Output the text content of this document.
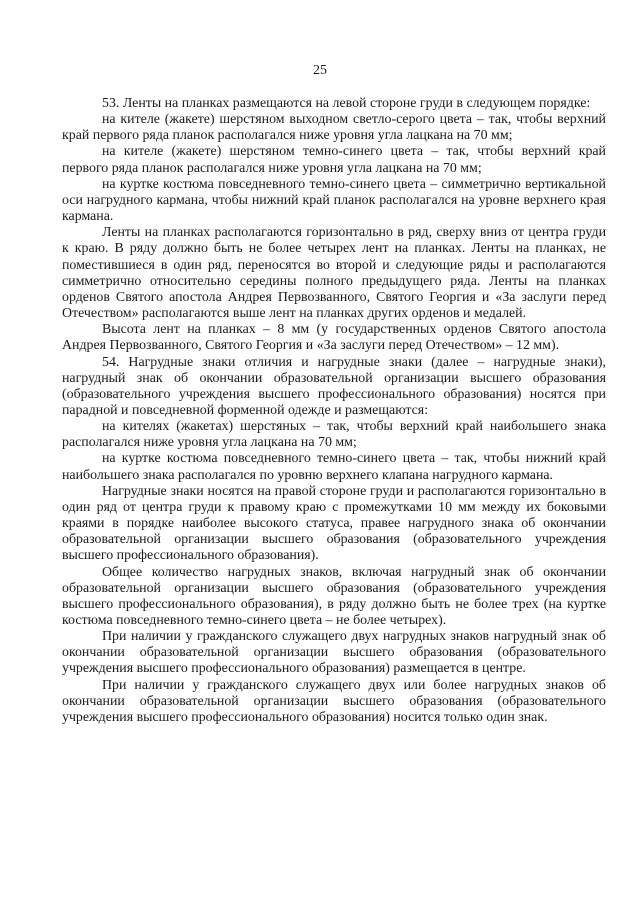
25

53. Ленты на планках размещаются на левой стороне груди в следующем порядке:

на кителе (жакете) шерстяном выходном светло-серого цвета – так, чтобы верхний край первого ряда планок располагался ниже уровня угла лацкана на 70 мм;

на кителе (жакете) шерстяном темно-синего цвета – так, чтобы верхний край первого ряда планок располагался ниже уровня угла лацкана на 70 мм;

на куртке костюма повседневного темно-синего цвета – симметрично вертикальной оси нагрудного кармана, чтобы нижний край планок располагался на уровне верхнего края кармана.

Ленты на планках располагаются горизонтально в ряд, сверху вниз от центра груди к краю. В ряду должно быть не более четырех лент на планках. Ленты на планках, не поместившиеся в один ряд, переносятся во второй и следующие ряды и располагаются симметрично относительно середины полного предыдущего ряда. Ленты на планках орденов Святого апостола Андрея Первозванного, Святого Георгия и «За заслуги перед Отечеством» располагаются выше лент на планках других орденов и медалей.

Высота лент на планках – 8 мм (у государственных орденов Святого апостола Андрея Первозванного, Святого Георгия и «За заслуги перед Отечеством» – 12 мм).

54. Нагрудные знаки отличия и нагрудные знаки (далее – нагрудные знаки), нагрудный знак об окончании образовательной организации высшего образования (образовательного учреждения высшего профессионального образования) носятся при парадной и повседневной форменной одежде и размещаются:

на кителях (жакетах) шерстяных – так, чтобы верхний край наибольшего знака располагался ниже уровня угла лацкана на 70 мм;

на куртке костюма повседневного темно-синего цвета – так, чтобы нижний край наибольшего знака располагался по уровню верхнего клапана нагрудного кармана.

Нагрудные знаки носятся на правой стороне груди и располагаются горизонтально в один ряд от центра груди к правому краю с промежутками 10 мм между их боковыми краями в порядке наиболее высокого статуса, правее нагрудного знака об окончании образовательной организации высшего образования (образовательного учреждения высшего профессионального образования).

Общее количество нагрудных знаков, включая нагрудный знак об окончании образовательной организации высшего образования (образовательного учреждения высшего профессионального образования), в ряду должно быть не более трех (на куртке костюма повседневного темно-синего цвета – не более четырех).

При наличии у гражданского служащего двух нагрудных знаков нагрудный знак об окончании образовательной организации высшего образования (образовательного учреждения высшего профессионального образования) размещается в центре.

При наличии у гражданского служащего двух или более нагрудных знаков об окончании образовательной организации высшего образования (образовательного учреждения высшего профессионального образования) носится только один знак.
